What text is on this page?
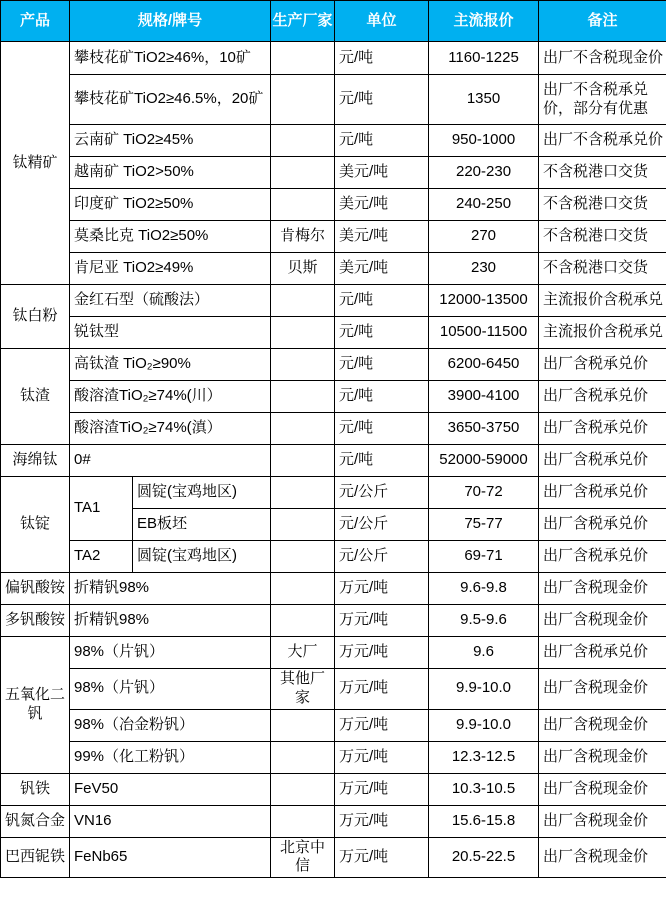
产品	规格/牌号		生产厂家	单位	主流报价	备注
钛精矿	攀枝花矿TiO2≥46%，10矿			元/吨	1160-1225	出厂不含税现金价
	攀枝花矿TiO2≥46.5%，20矿			元/吨	1350	出厂不含税承兑价，部分有优惠
	云南矿 TiO2≥45%			元/吨	950-1000	出厂不含税承兑价
	越南矿 TiO2>50%			美元/吨	220-230	不含税港口交货
	印度矿 TiO2≥50%			美元/吨	240-250	不含税港口交货
	莫桑比克 TiO2≥50%		肯梅尔	美元/吨	270	不含税港口交货
	肯尼亚 TiO2≥49%		贝斯	美元/吨	230	不含税港口交货
钛白粉	金红石型（硫酸法）			元/吨	12000-13500	主流报价含税承兑
	锐钛型			元/吨	10500-11500	主流报价含税承兑
钛渣	高钛渣 TiO₂≥90%			元/吨	6200-6450	出厂含税承兑价
	酸溶渣TiO₂≥74%(川）			元/吨	3900-4100	出厂含税承兑价
	酸溶渣TiO₂≥74%(滇）			元/吨	3650-3750	出厂含税承兑价
海绵钛	0#			元/吨	52000-59000	出厂含税承兑价
钛锭	TA1	圆锭(宝鸡地区)		元/公斤	70-72	出厂含税承兑价
		EB板坯		元/公斤	75-77	出厂含税承兑价
	TA2	圆锭(宝鸡地区)		元/公斤	69-71	出厂含税承兑价
偏钒酸铵	折精钒98%			万元/吨	9.6-9.8	出厂含税现金价
多钒酸铵	折精钒98%			万元/吨	9.5-9.6	出厂含税现金价
五氧化二钒	98%（片钒）		大厂	万元/吨	9.6	出厂含税承兑价
	98%（片钒）		其他厂家	万元/吨	9.9-10.0	出厂含税现金价
	98%（冶金粉钒）			万元/吨	9.9-10.0	出厂含税现金价
	99%（化工粉钒）			万元/吨	12.3-12.5	出厂含税现金价
钒铁	FeV50			万元/吨	10.3-10.5	出厂含税现金价
钒氮合金	VN16			万元/吨	15.6-15.8	出厂含税现金价
巴西铌铁	FeNb65		北京中信	万元/吨	20.5-22.5	出厂含税现金价
